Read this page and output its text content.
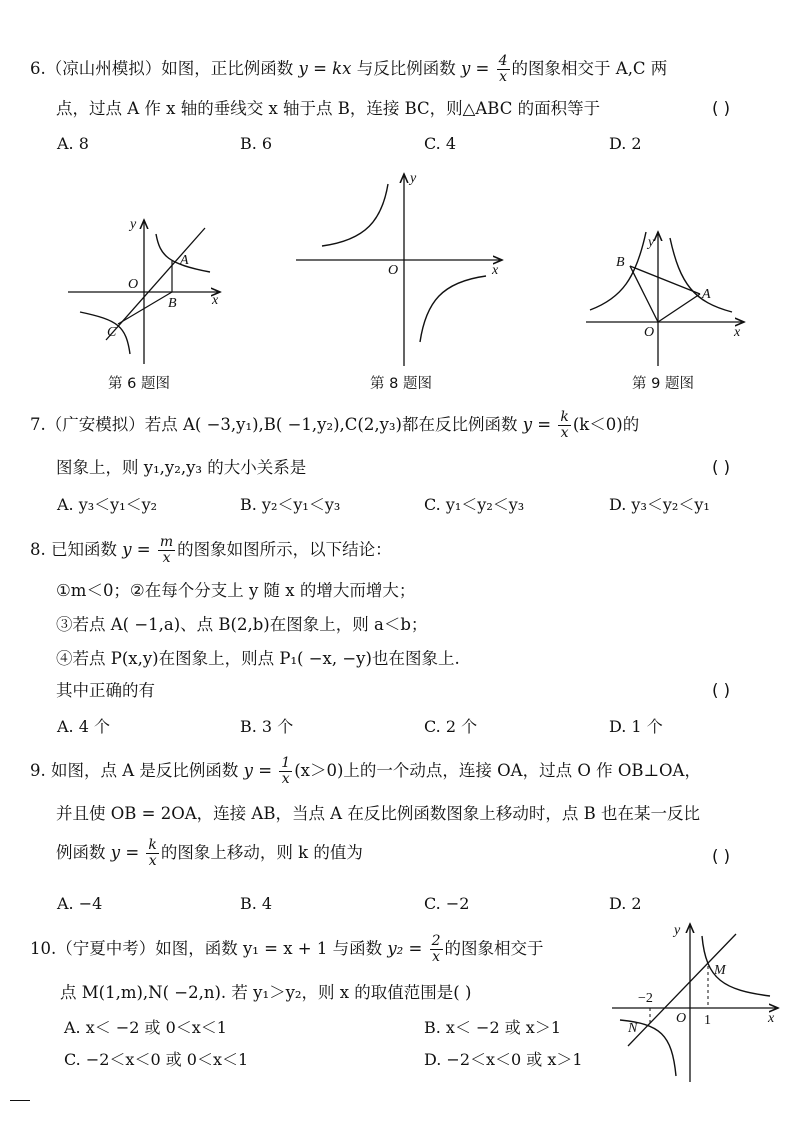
6.（凉山州模拟）如图，正比例函数 y = kx 与反比例函数 $y = \frac{4}{x}$ 的图象相交于 A,C 两
点，过点 A 作 x 轴的垂线交 x 轴于点 B，连接 BC，则△ABC 的面积等于	( )
A. 8	B. 6	C. 4	D. 2
y
x
O
A
B
C
第 6 题图
y
x
O
第 8 题图
y
x
O
A
B
第 9 题图
7.（广安模拟）若点 A( −3,y₁),B( −1,y₂),C(2,y₃)都在反比例函数 $y = \frac{k}{x} (k<0)$的
图象上，则 y₁,y₂,y₃ 的大小关系是	( )
A. y₃＜y₁＜y₂	B. y₂＜y₁＜y₃	C. y₁＜y₂＜y₃	D. y₃＜y₂＜y₁
8. 已知函数 $y = \frac{m}{x}$ 的图象如图所示，以下结论：
①m＜0；②在每个分支上 y 随 x 的增大而增大；
③若点 A( −1,a)、点 B(2,b)在图象上，则 a＜b；
④若点 P(x,y)在图象上，则点 P₁( −x, −y)也在图象上.
其中正确的有	( )
A. 4 个	B. 3 个	C. 2 个	D. 1 个
9. 如图，点 A 是反比例函数 $y = \frac{1}{x} (x>0)$上的一个动点，连接 OA，过点 O 作 OB⊥OA，
并且使 OB = 2OA，连接 AB，当点 A 在反比例函数图象上移动时，点 B 也在某一反比
例函数 $y = \frac{k}{x}$ 的图象上移动，则 k 的值为	( )
A. −4	B. 4	C. −2	D. 2
10.（宁夏中考）如图，函数 y₁ = x + 1 与函数 $y_2 = \frac{2}{x}$ 的图象相交于
点 M(1,m),N( −2,n). 若 y₁＞y₂，则 x 的取值范围是( )
A. x＜ −2 或 0＜x＜1	B. x＜ −2 或 x＞1
C. −2＜x＜0 或 0＜x＜1	D. −2＜x＜0 或 x＞1
y
x
O
M
N
−2
1
